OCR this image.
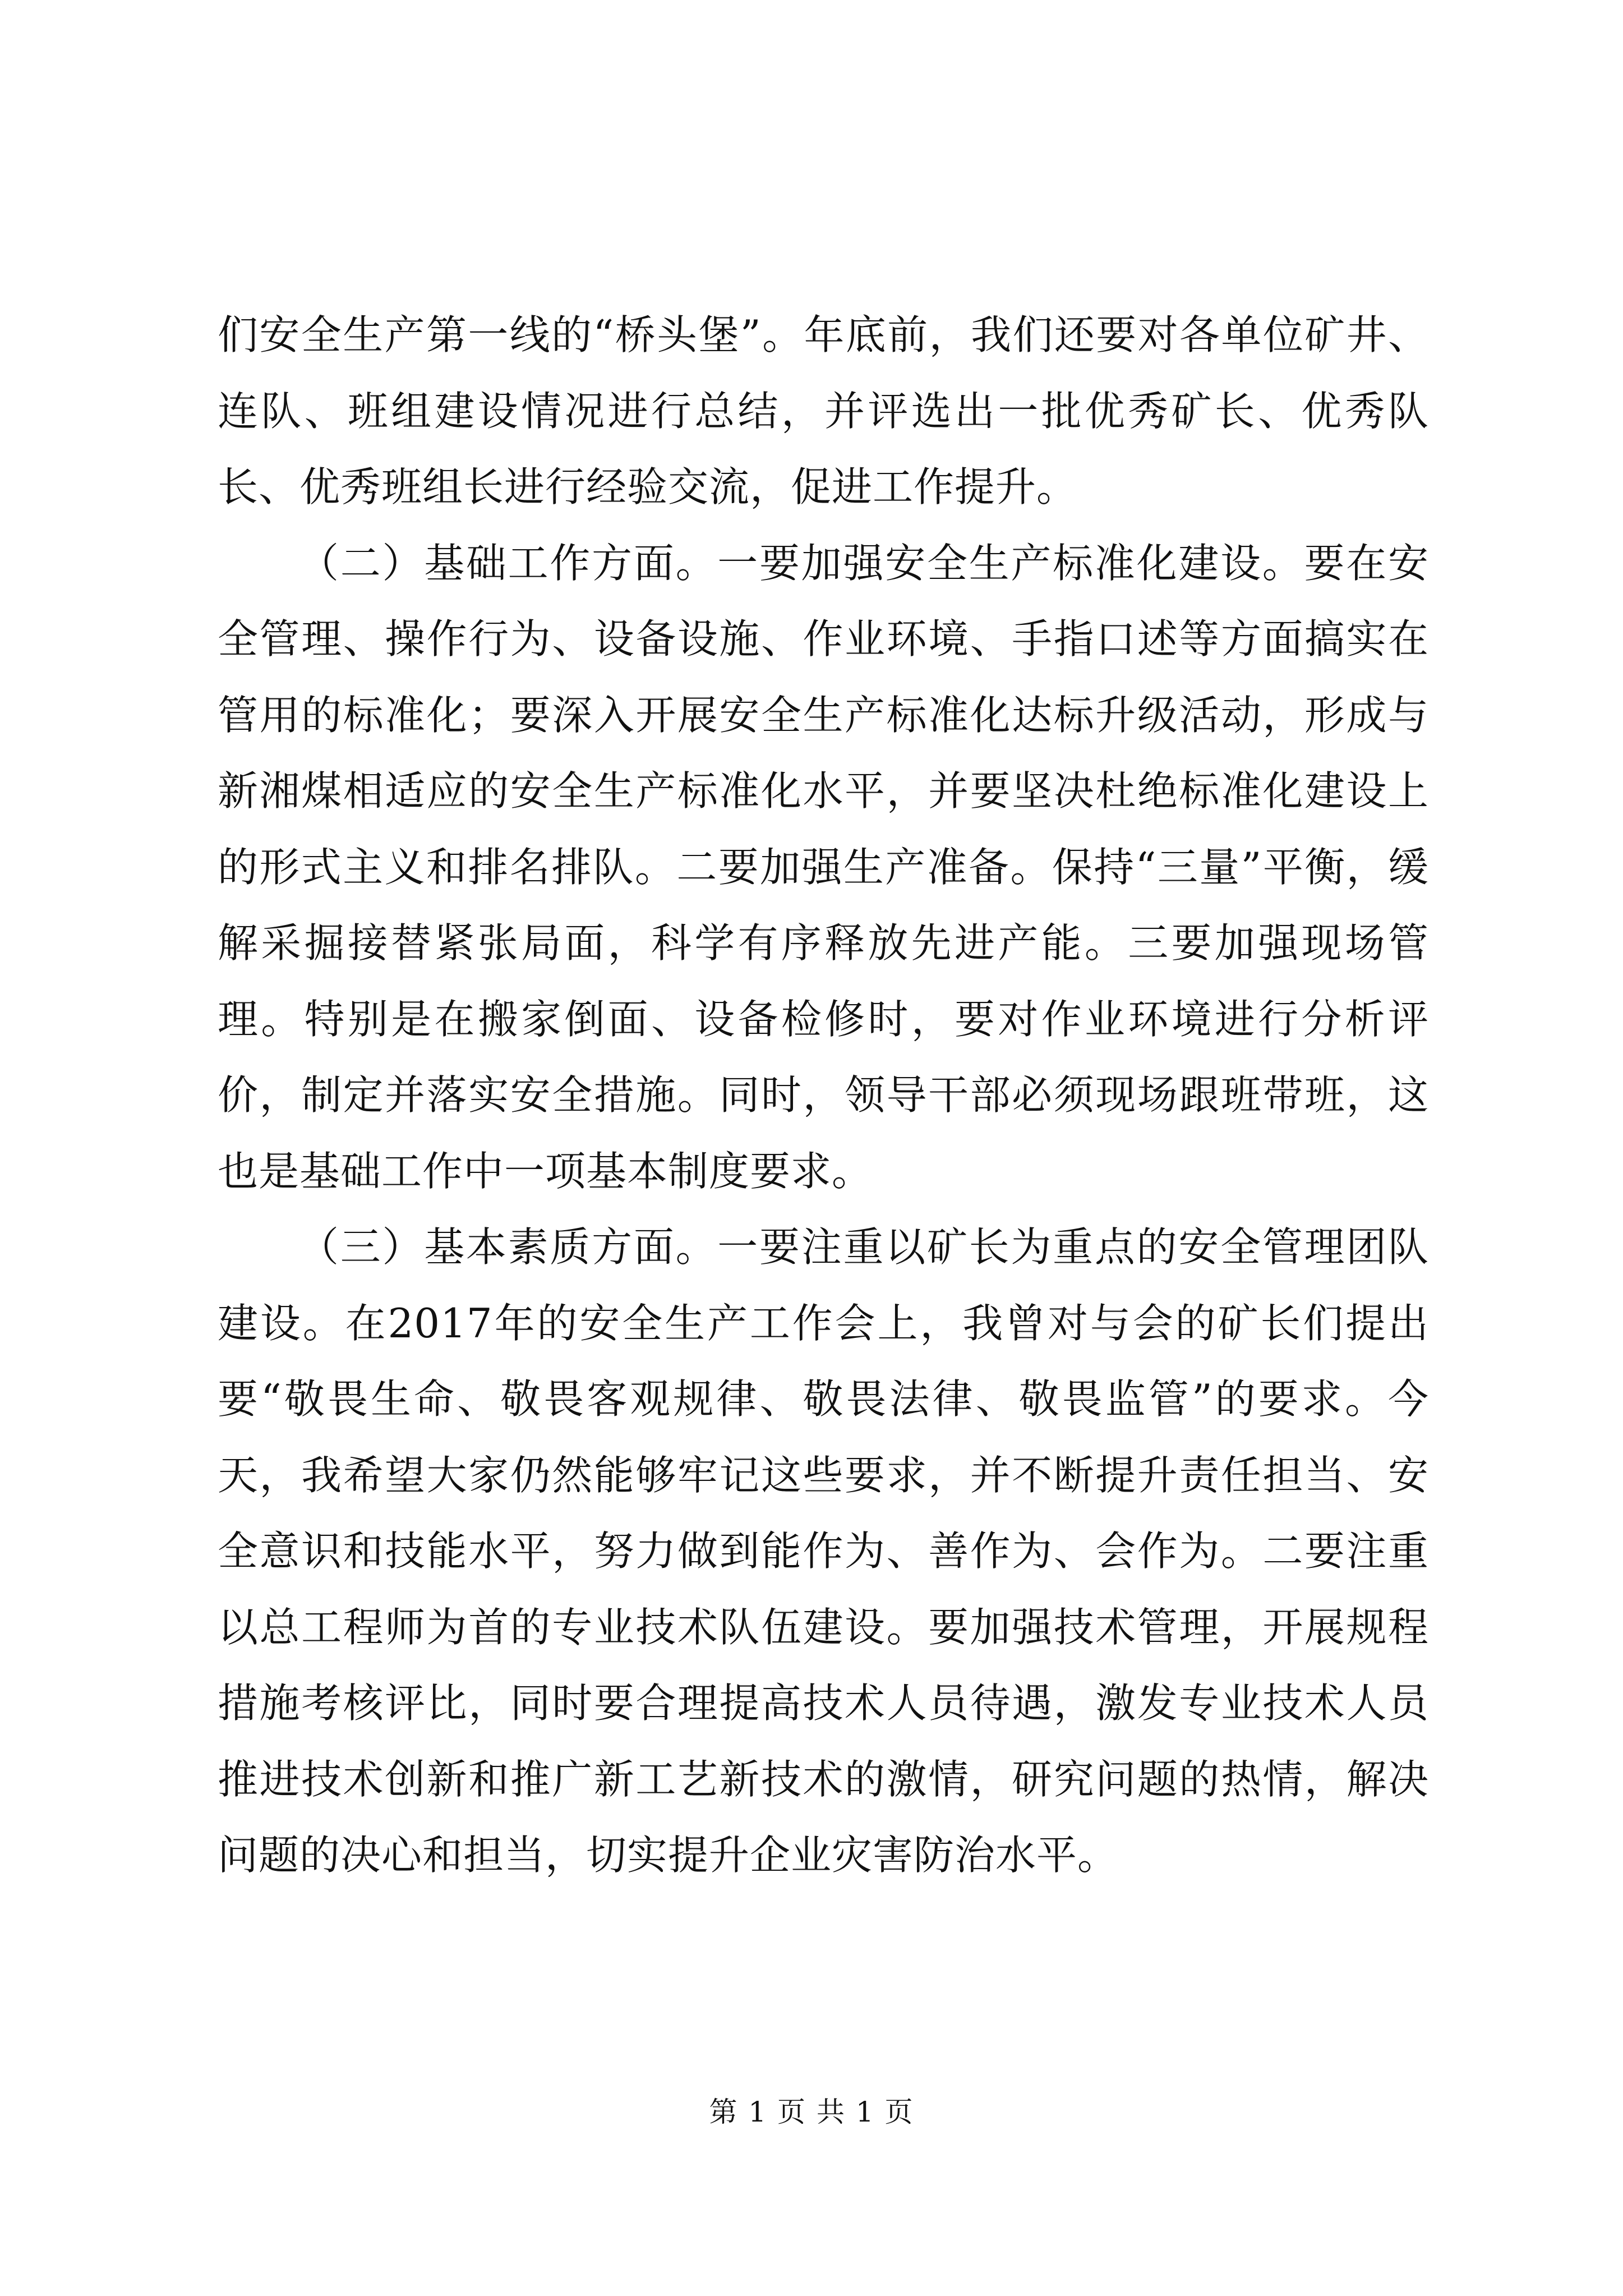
们安全生产第一线的“桥头堡”。年底前，我们还要对各单位矿井、连队、班组建设情况进行总结，并评选出一批优秀矿长、优秀队长、优秀班组长进行经验交流，促进工作提升。

（二）基础工作方面。一要加强安全生产标准化建设。要在安全管理、操作行为、设备设施、作业环境、手指口述等方面搞实在管用的标准化；要深入开展安全生产标准化达标升级活动，形成与新湘煤相适应的安全生产标准化水平，并要坚决杜绝标准化建设上的形式主义和排名排队。二要加强生产准备。保持“三量”平衡，缓解采掘接替紧张局面，科学有序释放先进产能。三要加强现场管理。特别是在搬家倒面、设备检修时，要对作业环境进行分析评价，制定并落实安全措施。同时，领导干部必须现场跟班带班，这也是基础工作中一项基本制度要求。

（三）基本素质方面。一要注重以矿长为重点的安全管理团队建设。在2017年的安全生产工作会上，我曾对与会的矿长们提出要“敬畏生命、敬畏客观规律、敬畏法律、敬畏监管”的要求。今天，我希望大家仍然能够牢记这些要求，并不断提升责任担当、安全意识和技能水平，努力做到能作为、善作为、会作为。二要注重以总工程师为首的专业技术队伍建设。要加强技术管理，开展规程措施考核评比，同时要合理提高技术人员待遇，激发专业技术人员推进技术创新和推广新工艺新技术的激情，研究问题的热情，解决问题的决心和担当，切实提升企业灾害防治水平。

第 1 页 共 1 页
